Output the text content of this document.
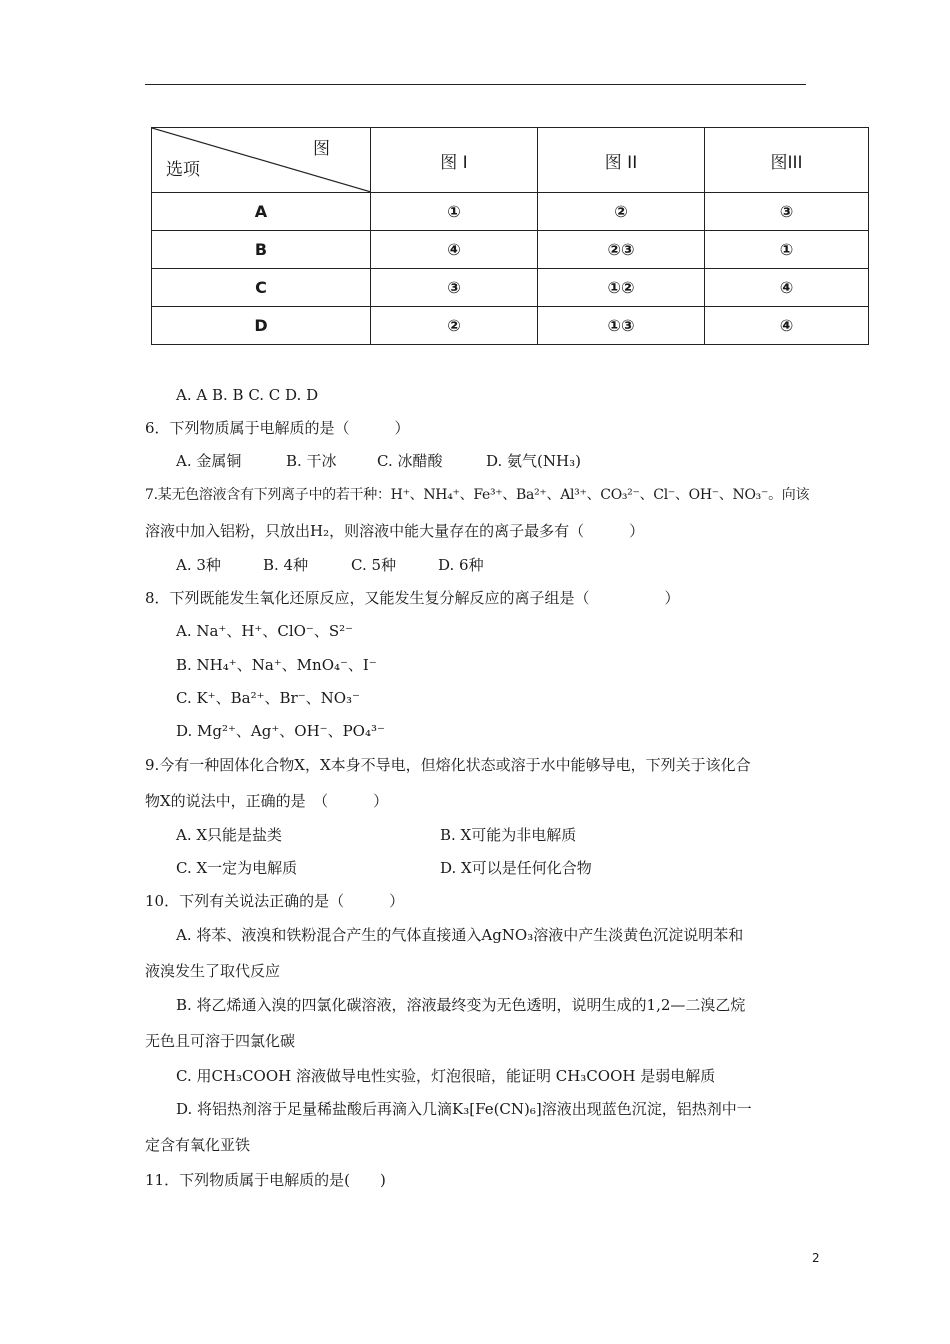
图
选项	图 I	图 II	图III
A	①	②	③
B	④	②③	①
C	③	①②	④
D	②	①③	④
A. A B. B C. C D. D
6．下列物质属于电解质的是（　　　）
A. 金属铜	B. 干冰	C. 冰醋酸	D. 氨气(NH₃)
7.某无色溶液含有下列离子中的若干种：H⁺、NH₄⁺、Fe³⁺、Ba²⁺、Al³⁺、CO₃²⁻、Cl⁻、OH⁻、NO₃⁻。向该
溶液中加入铝粉，只放出H₂，则溶液中能大量存在的离子最多有（　　　）
A. 3种	B. 4种	C. 5种	D. 6种
8．下列既能发生氧化还原反应，又能发生复分解反应的离子组是（　　　　　）
A. Na⁺、H⁺、ClO⁻、S²⁻
B. NH₄⁺、Na⁺、MnO₄⁻、I⁻
C. K⁺、Ba²⁺、Br⁻、NO₃⁻
D. Mg²⁺、Ag⁺、OH⁻、PO₄³⁻
9.今有一种固体化合物X，X本身不导电，但熔化状态或溶于水中能够导电，下列关于该化合
物X的说法中，正确的是　（　　　）
A. X只能是盐类	B. X可能为非电解质
C. X一定为电解质	D. X可以是任何化合物
10．下列有关说法正确的是（　　　）
A. 将苯、液溴和铁粉混合产生的气体直接通入AgNO₃溶液中产生淡黄色沉淀说明苯和
液溴发生了取代反应
B. 将乙烯通入溴的四氯化碳溶液，溶液最终变为无色透明，说明生成的1,2—二溴乙烷
无色且可溶于四氯化碳
C. 用CH₃COOH 溶液做导电性实验，灯泡很暗，能证明 CH₃COOH 是弱电解质
D. 将铝热剂溶于足量稀盐酸后再滴入几滴K₃[Fe(CN)₆]溶液出现蓝色沉淀，铝热剂中一
定含有氧化亚铁
11．下列物质属于电解质的是(　　)
2
